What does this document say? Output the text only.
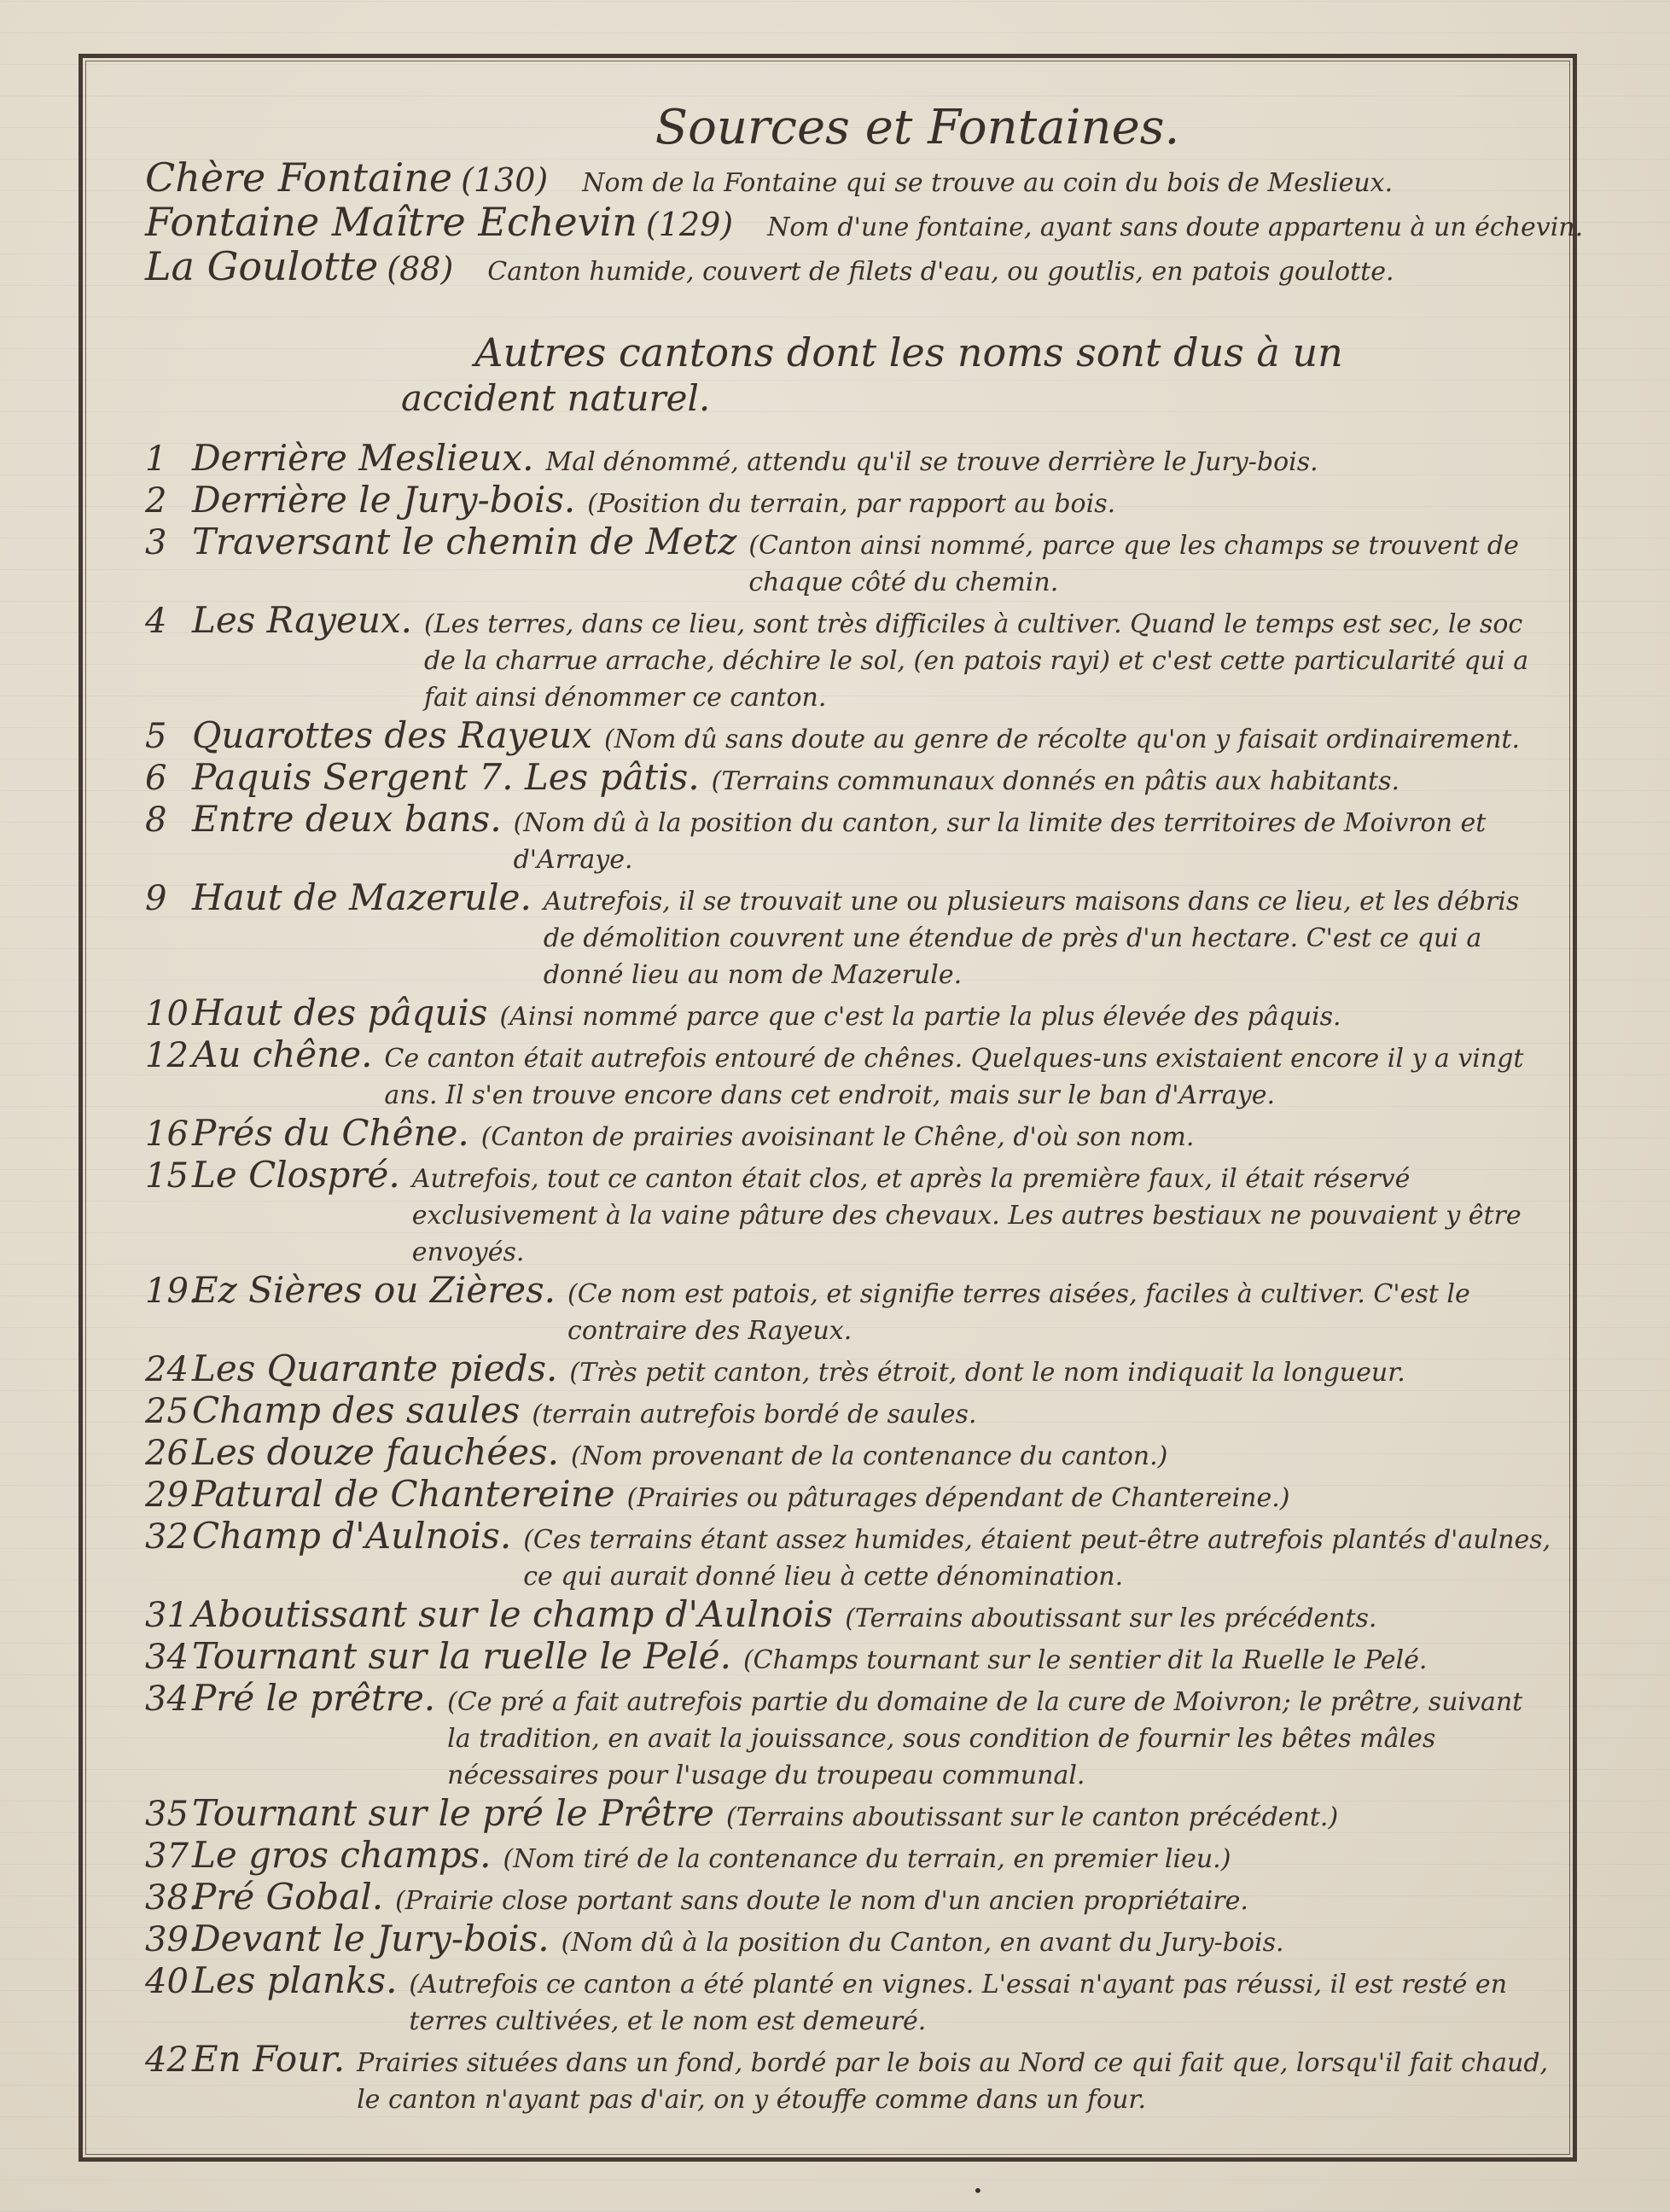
Sources et Fontaines.
Chère Fontaine (130) Nom de la Fontaine qui se trouve au coin du bois de Meslieux.
Fontaine Maître Echevin (129) Nom d'une fontaine, ayant sans doute appartenu à un échevin.
La Goulotte (88) Canton humide, couvert de filets d'eau, ou goutlis, en patois goulotte.
Autres cantons dont les noms sont dus à un
accident naturel.
1 Derrière Meslieux. Mal dénommé, attendu qu'il se trouve derrière le Jury-bois.
2 Derrière le Jury-bois. (Position du terrain, par rapport au bois.
3 Traversant le chemin de Metz (Canton ainsi nommé, parce que les champs se trouvent de chaque côté du chemin.
4 Les Rayeux. (Les terres, dans ce lieu, sont très difficiles à cultiver. Quand le temps est sec, le soc de la charrue arrache, déchire le sol, (en patois rayi) et c'est cette particularité qui a fait ainsi dénommer ce canton.
5 Quarottes des Rayeux (Nom dû sans doute au genre de récolte qu'on y faisait ordinairement.
6 Paquis Sergent 7. Les pâtis. (Terrains communaux donnés en pâtis aux habitants.
8 Entre deux bans. (Nom dû à la position du canton, sur la limite des territoires de Moivron et d'Arraye.
9 Haut de Mazerule. Autrefois, il se trouvait une ou plusieurs maisons dans ce lieu, et les débris de démolition couvrent une étendue de près d'un hectare. C'est ce qui a donné lieu au nom de Mazerule.
10 Haut des pâquis (Ainsi nommé parce que c'est la partie la plus élevée des pâquis.
12 Au chêne. Ce canton était autrefois entouré de chênes. Quelques-uns existaient encore il y a vingt ans. Il s'en trouve encore dans cet endroit, mais sur le ban d'Arraye.
16 Prés du Chêne. (Canton de prairies avoisinant le Chêne, d'où son nom.
15 Le Clospré. Autrefois, tout ce canton était clos, et après la première faux, il était réservé exclusivement à la vaine pâture des chevaux. Les autres bestiaux ne pouvaient y être envoyés.
19.
Ez Sières ou Zières. (Ce nom est patois, et signifie terres aisées, faciles à cultiver. C'est le contraire des Rayeux.
24 Les Quarante pieds. (Très petit canton, très étroit, dont le nom indiquait la longueur.
25 Champ des saules (terrain autrefois bordé de saules.
26 Les douze fauchées. (Nom provenant de la contenance du canton.)
29 Patural de Chantereine (Prairies ou pâturages dépendant de Chantereine.)
32 Champ d'Aulnois. (Ces terrains étant assez humides, étaient peut-être autrefois plantés d'aulnes, ce qui aurait donné lieu à cette dénomination.
31 Aboutissant sur le champ d'Aulnois (Terrains aboutissant sur les précédents.
34 Tournant sur la ruelle le Pelé. (Champs tournant sur le sentier dit la Ruelle le Pelé.
34 Pré le prêtre. (Ce pré a fait autrefois partie du domaine de la cure de Moivron; le prêtre, suivant la tradition, en avait la jouissance, sous condition de fournir les bêtes mâles nécessaires pour l'usage du troupeau communal.
35 Tournant sur le pré le Prêtre (Terrains aboutissant sur le canton précédent.)
37 Le gros champs. (Nom tiré de la contenance du terrain, en premier lieu.)
38.
Pré Gobal. (Prairie close portant sans doute le nom d'un ancien propriétaire.
39.
Devant le Jury-bois. (Nom dû à la position du Canton, en avant du Jury-bois.
40 Les planks. (Autrefois ce canton a été planté en vignes. L'essai n'ayant pas réussi, il est resté en terres cultivées, et le nom est demeuré.
42 En Four. Prairies situées dans un fond, bordé par le bois au Nord ce qui fait que, lorsqu'il fait chaud, le canton n'ayant pas d'air, on y étouffe comme dans un four.
•
